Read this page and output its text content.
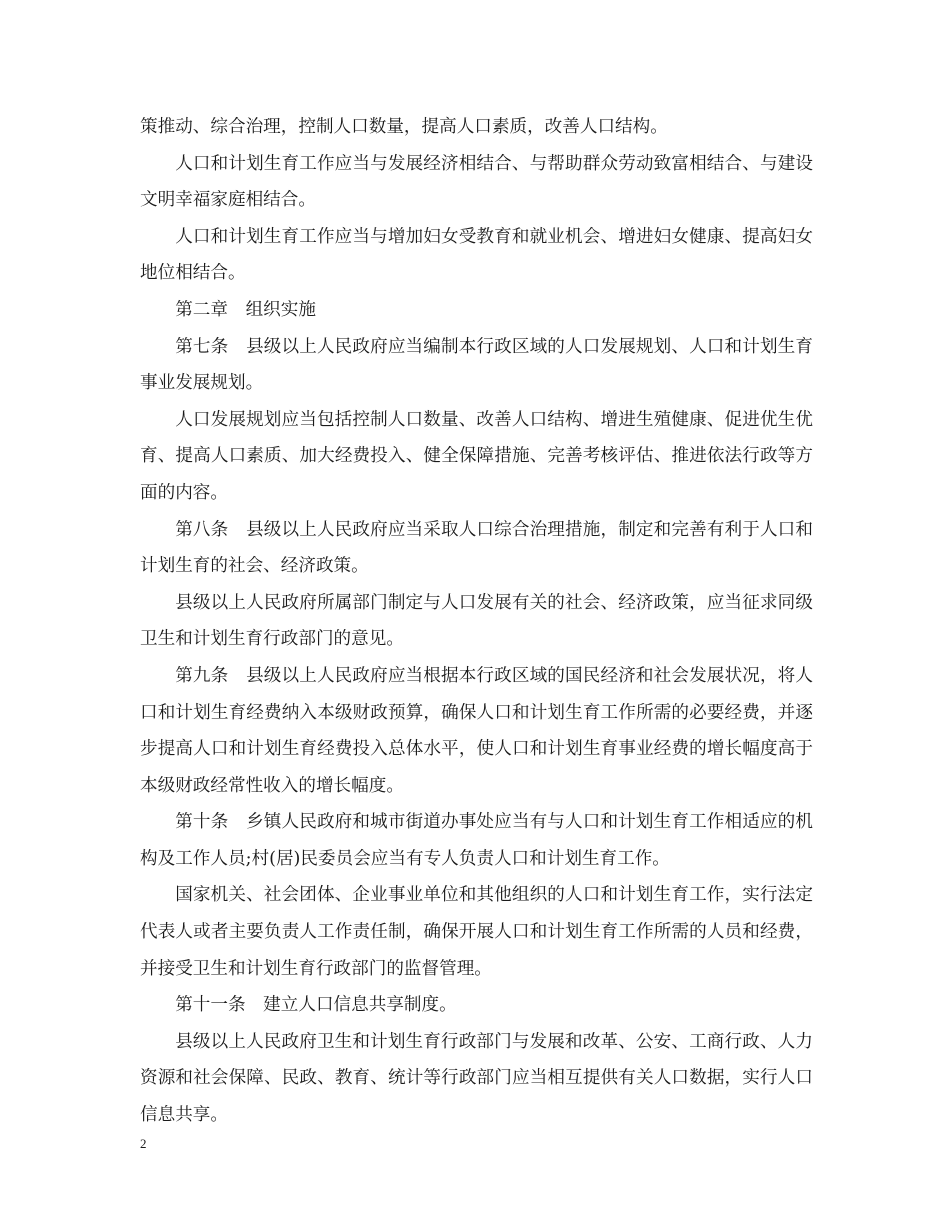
策推动、综合治理，控制人口数量，提高人口素质，改善人口结构。

人口和计划生育工作应当与发展经济相结合、与帮助群众劳动致富相结合、与建设文明幸福家庭相结合。

人口和计划生育工作应当与增加妇女受教育和就业机会、增进妇女健康、提高妇女地位相结合。

第二章　组织实施

第七条　县级以上人民政府应当编制本行政区域的人口发展规划、人口和计划生育事业发展规划。

人口发展规划应当包括控制人口数量、改善人口结构、增进生殖健康、促进优生优育、提高人口素质、加大经费投入、健全保障措施、完善考核评估、推进依法行政等方面的内容。

第八条　县级以上人民政府应当采取人口综合治理措施，制定和完善有利于人口和计划生育的社会、经济政策。

县级以上人民政府所属部门制定与人口发展有关的社会、经济政策，应当征求同级卫生和计划生育行政部门的意见。

第九条　县级以上人民政府应当根据本行政区域的国民经济和社会发展状况，将人口和计划生育经费纳入本级财政预算，确保人口和计划生育工作所需的必要经费，并逐步提高人口和计划生育经费投入总体水平，使人口和计划生育事业经费的增长幅度高于本级财政经常性收入的增长幅度。

第十条　乡镇人民政府和城市街道办事处应当有与人口和计划生育工作相适应的机构及工作人员;村(居)民委员会应当有专人负责人口和计划生育工作。

国家机关、社会团体、企业事业单位和其他组织的人口和计划生育工作，实行法定代表人或者主要负责人工作责任制，确保开展人口和计划生育工作所需的人员和经费，并接受卫生和计划生育行政部门的监督管理。

第十一条　建立人口信息共享制度。

县级以上人民政府卫生和计划生育行政部门与发展和改革、公安、工商行政、人力资源和社会保障、民政、教育、统计等行政部门应当相互提供有关人口数据，实行人口信息共享。

2
